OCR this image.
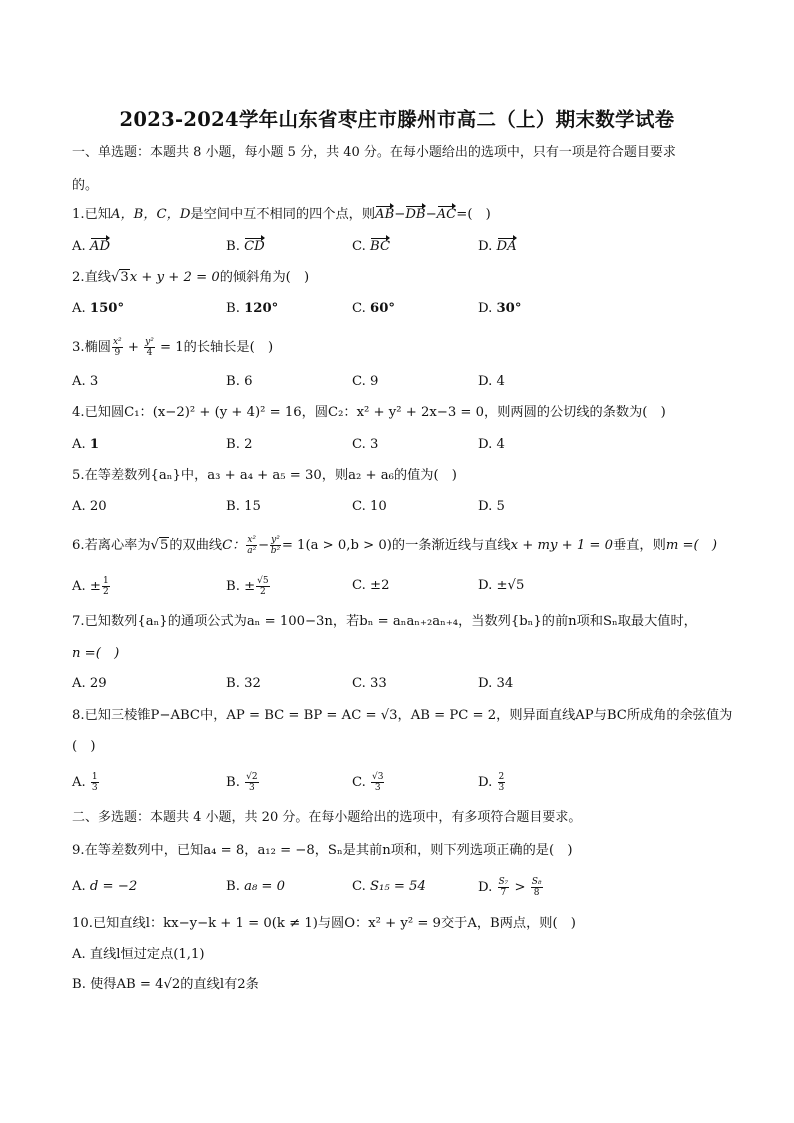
2023-2024学年山东省枣庄市滕州市高二（上）期末数学试卷
一、单选题：本题共 8 小题，每小题 5 分，共 40 分。在每小题给出的选项中，只有一项是符合题目要求
的。
1.已知A，B，C，D是空间中互不相同的四个点，则AB−DB−AC=(　)
A. AD	B. CD	C. BC	D. DA
2.直线√3x + y + 2 = 0的倾斜角为(　)
A. 150°	B. 120°	C. 60°	D. 30°
3.椭圆 $\frac{\text{x²}}{9} + \frac{\text{y²}}{4} = 1$的长轴长是(　)
A. 3	B. 6	C. 9	D. 4
4.已知圆C₁：(x−2)² + (y + 4)² = 16，圆C₂：x² + y² + 2x−3 = 0，则两圆的公切线的条数为(　)
A. 1	B. 2	C. 3	D. 4
5.在等差数列{aₙ}中，a₃ + a₄ + a₅ = 30，则a₂ + a₆的值为(　)
A. 20	B. 15	C. 10	D. 5
6.若离心率为√5的双曲线C： $\frac{\text{x²}}{\text{a²}} - \frac{\text{y²}}{\text{b²}} = 1(a > 0,b > 0)$的一条渐近线与直线x + my + 1 = 0垂直，则m =(　)
A. ± $\frac{1}{2}$	B. ± $\frac{√5}{2}$	C. ±2	D. ±√5
7.已知数列{aₙ}的通项公式为aₙ = 100−3n，若bₙ = aₙaₙ₊₂aₙ₊₄，当数列{bₙ}的前n项和Sₙ取最大值时，
n =(　)
A. 29	B. 32	C. 33	D. 34
8.已知三棱锥P−ABC中，AP = BC = BP = AC = √3，AB = PC = 2，则异面直线AP与BC所成角的余弦值为
(　)
A. $\frac{1}{3}$	B. $\frac{√2}{3}$	C. $\frac{√3}{3}$	D. $\frac{2}{3}$
二、多选题：本题共 4 小题，共 20 分。在每小题给出的选项中，有多项符合题目要求。
9.在等差数列中，已知a₄ = 8，a₁₂ = −8，Sₙ是其前n项和，则下列选项正确的是(　)
A. d = −2	B. a₈ = 0	C. S₁₅ = 54	D. $\frac{\text{S₇}}{7} > \frac{\text{S₈}}{8}$
10.已知直线l：kx−y−k + 1 = 0(k ≠ 1)与圆O：x² + y² = 9交于A，B两点，则(　)
A. 直线l恒过定点(1,1)
B. 使得AB = 4√2的直线l有2条
